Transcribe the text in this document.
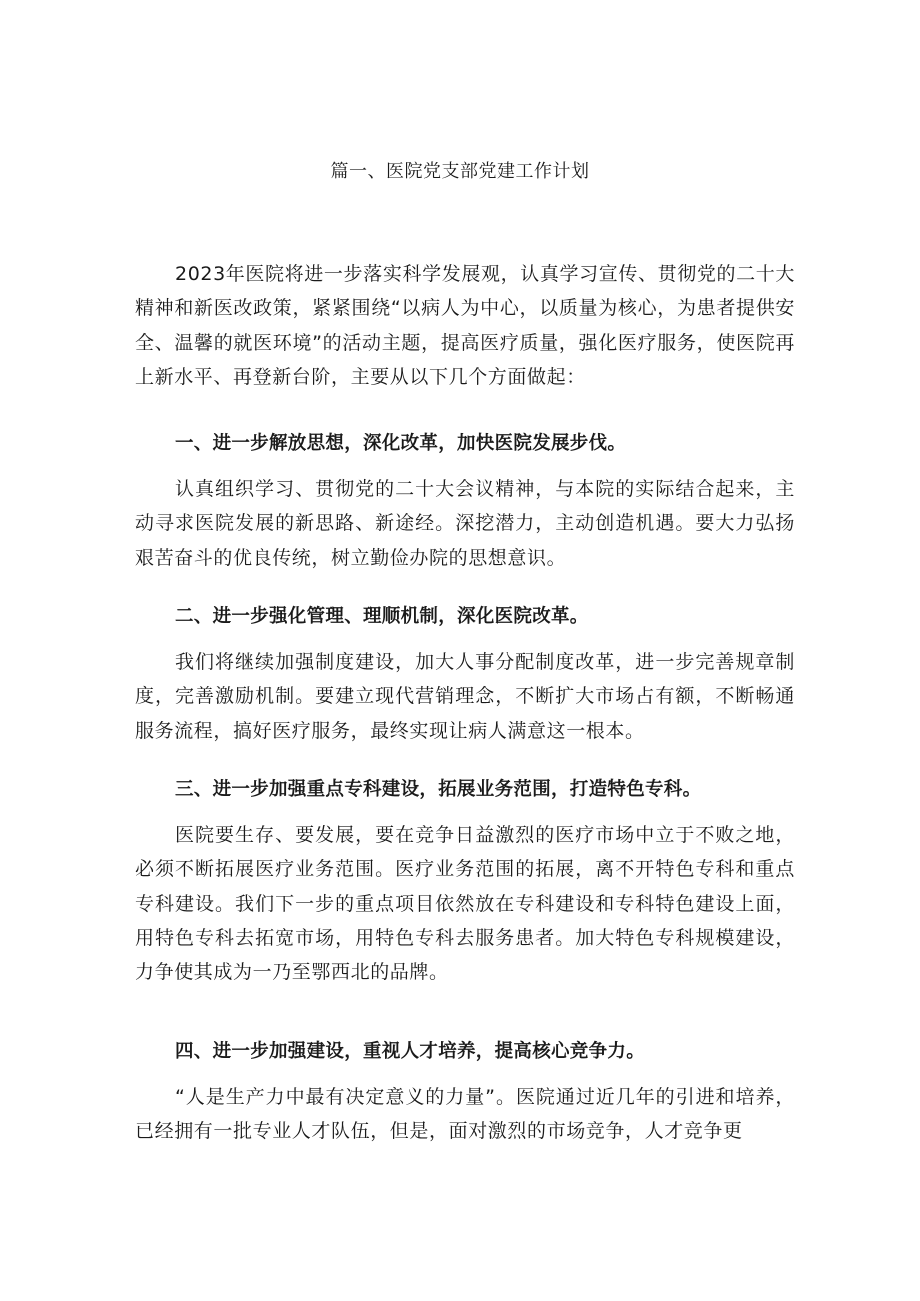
篇一、医院党支部党建工作计划

2023年医院将进一步落实科学发展观，认真学习宣传、贯彻党的二十大精神和新医改政策，紧紧围绕“以病人为中心，以质量为核心，为患者提供安全、温馨的就医环境”的活动主题，提高医疗质量，强化医疗服务，使医院再上新水平、再登新台阶，主要从以下几个方面做起：

一、进一步解放思想，深化改革，加快医院发展步伐。

认真组织学习、贯彻党的二十大会议精神，与本院的实际结合起来，主动寻求医院发展的新思路、新途经。深挖潜力，主动创造机遇。要大力弘扬艰苦奋斗的优良传统，树立勤俭办院的思想意识。

二、进一步强化管理、理顺机制，深化医院改革。

我们将继续加强制度建设，加大人事分配制度改革，进一步完善规章制度，完善激励机制。要建立现代营销理念，不断扩大市场占有额，不断畅通服务流程，搞好医疗服务，最终实现让病人满意这一根本。

三、进一步加强重点专科建设，拓展业务范围，打造特色专科。

医院要生存、要发展，要在竞争日益激烈的医疗市场中立于不败之地，必须不断拓展医疗业务范围。医疗业务范围的拓展，离不开特色专科和重点专科建设。我们下一步的重点项目依然放在专科建设和专科特色建设上面，用特色专科去拓宽市场，用特色专科去服务患者。加大特色专科规模建设，力争使其成为一乃至鄂西北的品牌。

四、进一步加强建设，重视人才培养，提高核心竞争力。

“人是生产力中最有决定意义的力量”。医院通过近几年的引进和培养，已经拥有一批专业人才队伍，但是，面对激烈的市场竞争，人才竞争更
